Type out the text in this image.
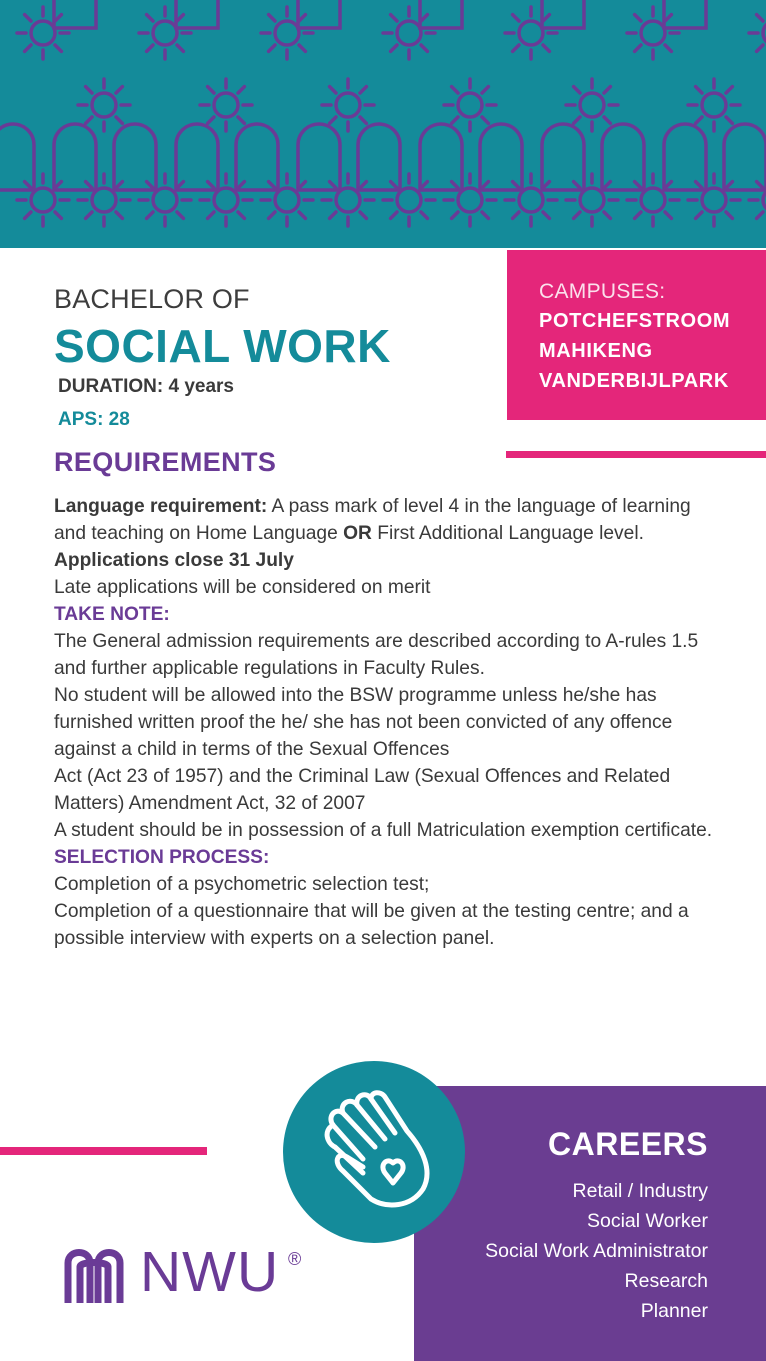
BACHELOR OF
SOCIAL WORK
DURATION: 4 years
APS: 28
CAMPUSES:
POTCHEFSTROOM
MAHIKENG
VANDERBIJLPARK
REQUIREMENTS

Language requirement: A pass mark of level 4 in the language of learning and teaching on Home Language OR First Additional Language level.

Applications close 31 July

Late applications will be considered on merit

TAKE NOTE:

The General admission requirements are described according to A-rules 1.5 and further applicable regulations in Faculty Rules.

No student will be allowed into the BSW programme unless he/she has furnished written proof the he/ she has not been convicted of any offence against a child in terms of the Sexual Offences

Act (Act 23 of 1957) and the Criminal Law (Sexual Offences and Related Matters) Amendment Act, 32 of 2007

A student should be in possession of a full Matriculation exemption certificate.

SELECTION PROCESS:

Completion of a psychometric selection test;

Completion of a questionnaire that will be given at the testing centre; and a possible interview with experts on a selection panel.

CAREERS
Retail / Industry
Social Worker
Social Work Administrator
Research
Planner
NWU ®
